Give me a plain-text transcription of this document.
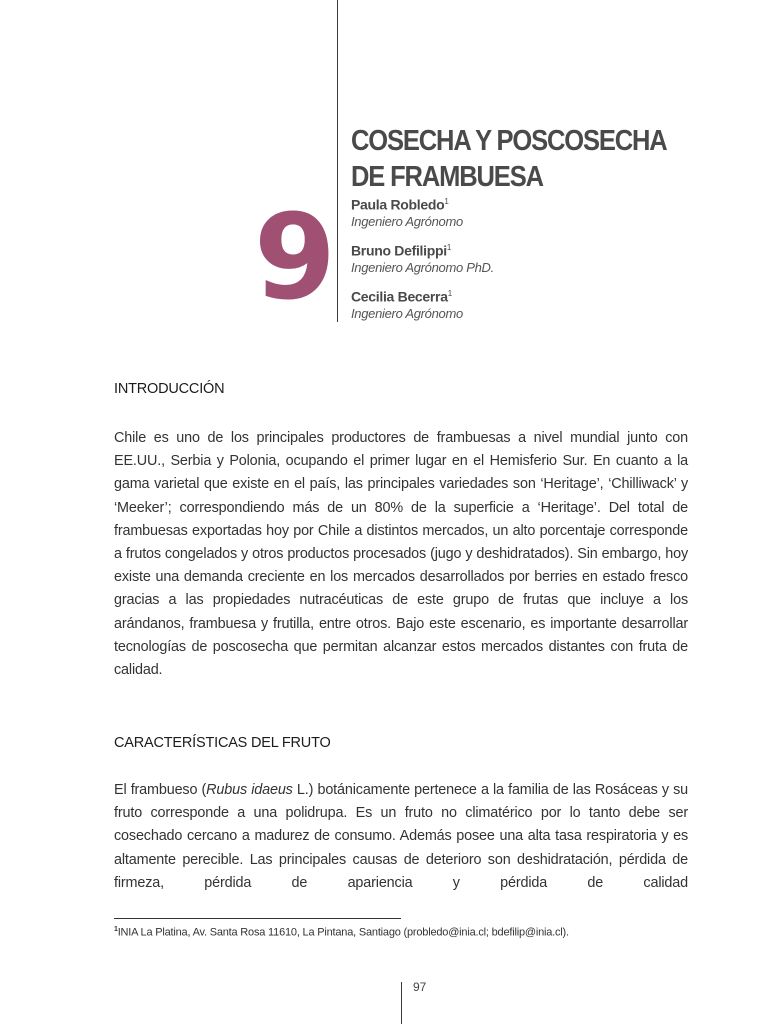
9
COSECHA Y POSCOSECHA
DE FRAMBUESA
Paula Robledo$^1$
Ingeniero Agrónomo
Bruno Defilippi$^1$
Ingeniero Agrónomo PhD.
Cecilia Becerra$^1$
Ingeniero Agrónomo
INTRODUCCIÓN

Chile es uno de los principales productores de frambuesas a nivel mundial junto con EE.UU., Serbia y Polonia, ocupando el primer lugar en el Hemisferio Sur. En cuanto a la gama varietal que existe en el país, las principales variedades son ‘Heritage’, ‘Chilliwack’ y ‘Meeker’; correspondiendo más de un 80% de la superficie a ‘Heritage’. Del total de frambuesas exportadas hoy por Chile a distintos mercados, un alto porcentaje corresponde a frutos congelados y otros productos procesados (jugo y deshidratados). Sin embargo, hoy existe una demanda creciente en los mercados desarrollados por berries en estado fresco gracias a las propiedades nutracéuticas de este grupo de frutas que incluye a los arándanos, frambuesa y frutilla, entre otros. Bajo este escenario, es importante desarrollar tecnologías de poscosecha que permitan alcanzar estos mercados distantes con fruta de calidad.

CARACTERÍSTICAS DEL FRUTO

El frambueso (Rubus idaeus L.) botánicamente pertenece a la familia de las Rosáceas y su fruto corresponde a una polidrupa. Es un fruto no climatérico por lo tanto debe ser cosechado cercano a madurez de consumo. Además posee una alta tasa respiratoria y es altamente perecible. Las principales causas de deterioro son deshidratación, pérdida de firmeza, pérdida de apariencia y pérdida de calidad

$^1$INIA La Platina, Av. Santa Rosa 11610, La Pintana, Santiago (probledo@inia.cl; bdefilip@inia.cl).
97
